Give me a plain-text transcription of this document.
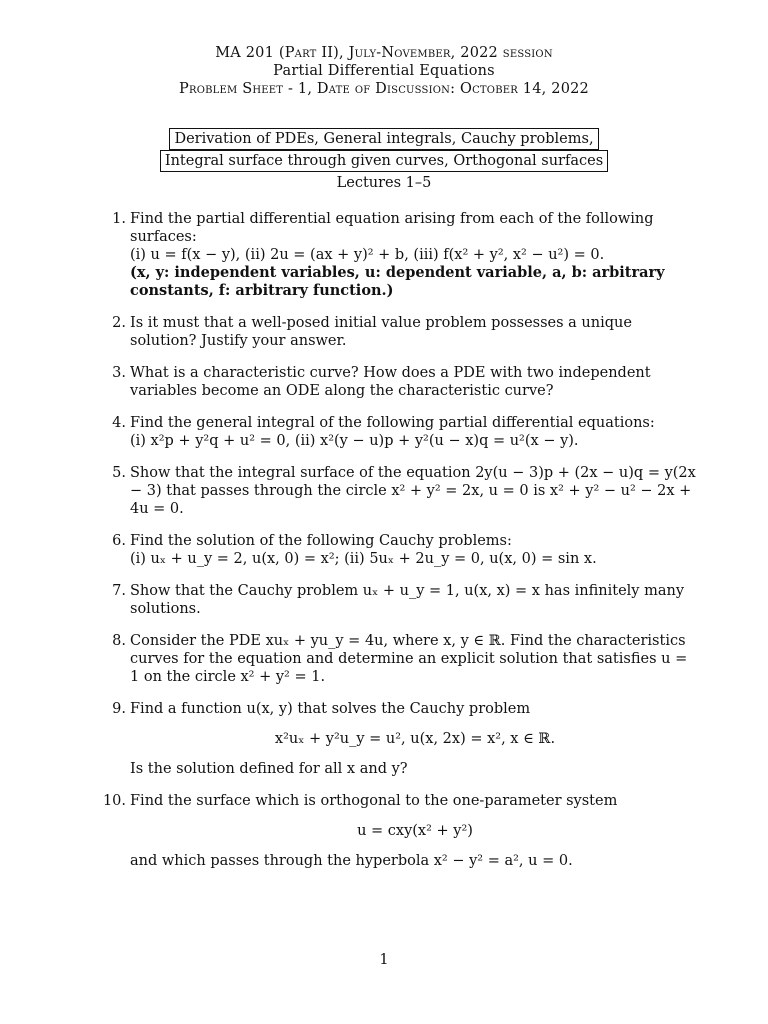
MA 201 (Part II), July-November, 2022 session
Partial Differential Equations
Problem Sheet - 1, Date of Discussion: October 14, 2022
Derivation of PDEs, General integrals, Cauchy problems,
Integral surface through given curves, Orthogonal surfaces
Lectures 1–5
1. Find the partial differential equation arising from each of the following surfaces:

(i) u = f(x − y), (ii) 2u = (ax + y)² + b, (iii) f(x² + y², x² − u²) = 0.

(x, y: independent variables, u: dependent variable, a, b: arbitrary constants, f: arbitrary function.)

2. Is it must that a well-posed initial value problem possesses a unique solution? Justify your answer.

3. What is a characteristic curve? How does a PDE with two independent variables become an ODE along the characteristic curve?

4. Find the general integral of the following partial differential equations:

(i) x²p + y²q + u² = 0, (ii) x²(y − u)p + y²(u − x)q = u²(x − y).

5. Show that the integral surface of the equation 2y(u − 3)p + (2x − u)q = y(2x − 3) that passes through the circle x² + y² = 2x, u = 0 is x² + y² − u² − 2x + 4u = 0.

6. Find the solution of the following Cauchy problems:

(i) uₓ + u_y = 2, u(x, 0) = x²; (ii) 5uₓ + 2u_y = 0, u(x, 0) = sin x.

7. Show that the Cauchy problem uₓ + u_y = 1, u(x, x) = x has infinitely many solutions.

8. Consider the PDE xuₓ + yu_y = 4u, where x, y ∈ ℝ. Find the characteristics curves for the equation and determine an explicit solution that satisfies u = 1 on the circle x² + y² = 1.

9. Find a function u(x, y) that solves the Cauchy problem

x²uₓ + y²u_y = u², u(x, 2x) = x², x ∈ ℝ.

Is the solution defined for all x and y?

10. Find the surface which is orthogonal to the one-parameter system

u = cxy(x² + y²)

and which passes through the hyperbola x² − y² = a², u = 0.

1
